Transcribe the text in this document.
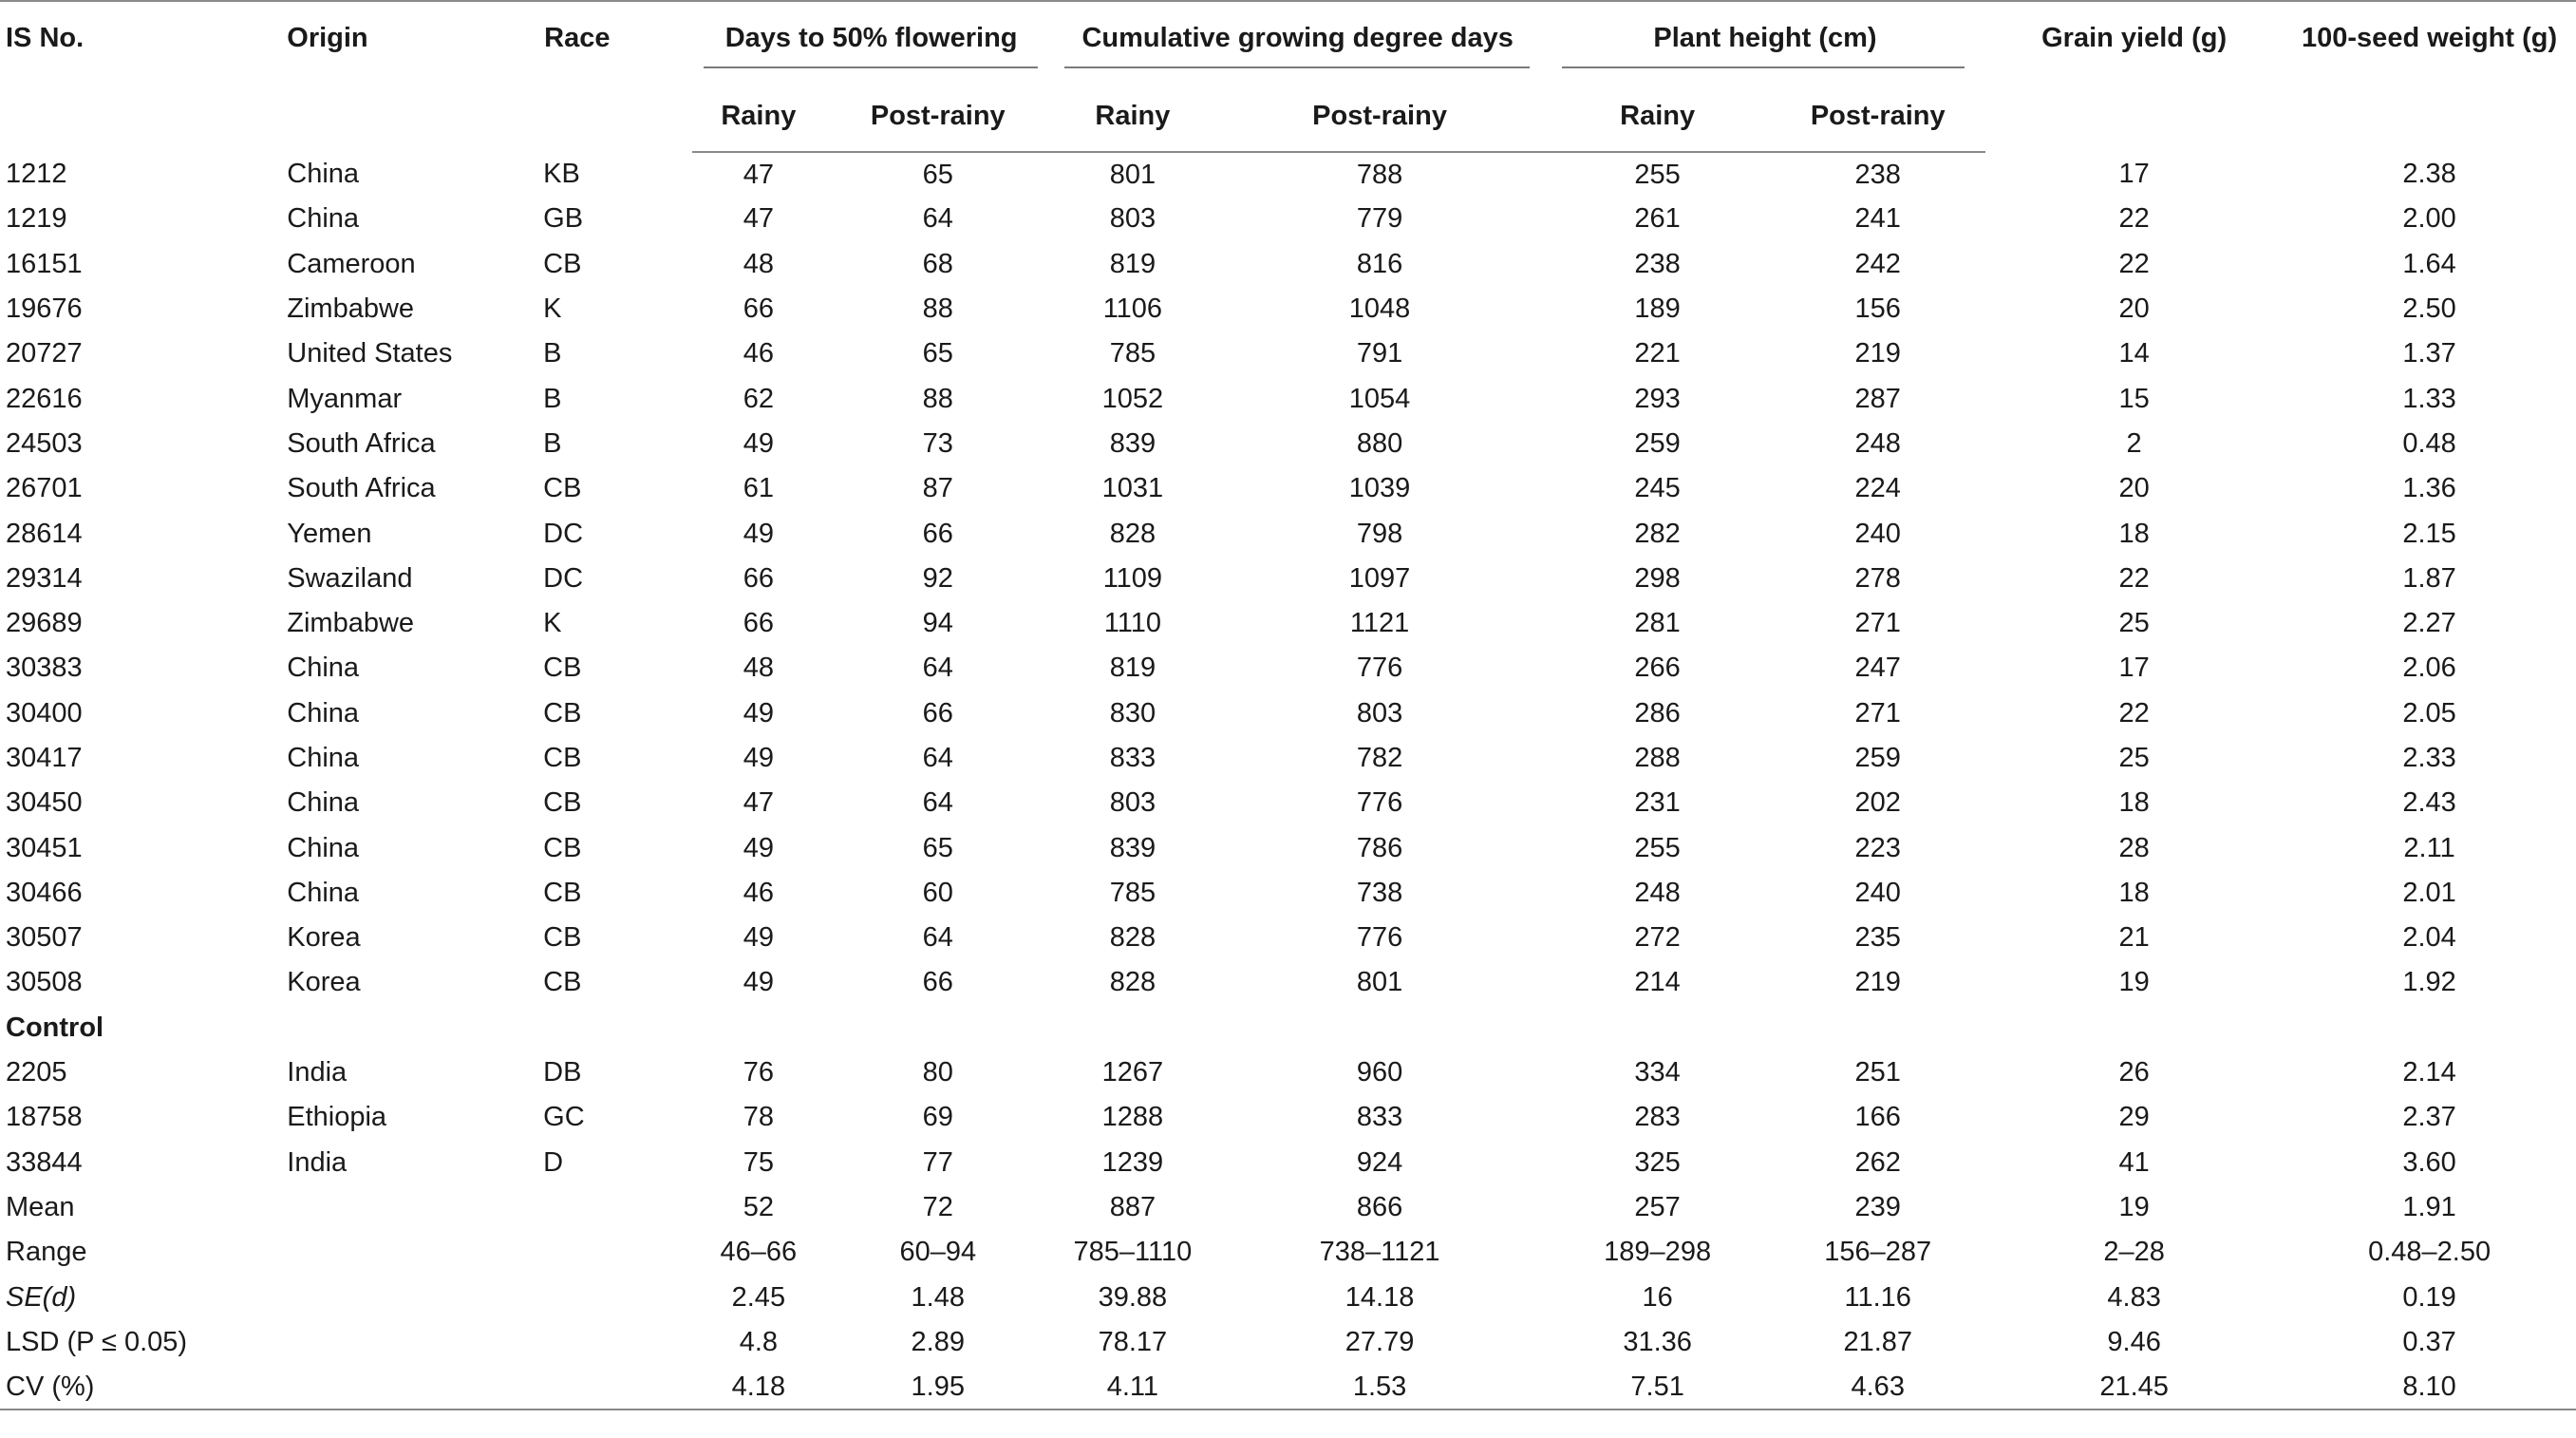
IS No.	Origin	Race	Days to 50% flowering		Cumulative growing degree days		Plant height (cm)		Grain yield (g)	100-seed weight (g)
			Rainy	Post-rainy	Rainy	Post-rainy	Rainy	Post-rainy		
1212	China	KB	47	65	801	788	255	238	17	2.38
1219	China	GB	47	64	803	779	261	241	22	2.00
16151	Cameroon	CB	48	68	819	816	238	242	22	1.64
19676	Zimbabwe	K	66	88	1106	1048	189	156	20	2.50
20727	United States	B	46	65	785	791	221	219	14	1.37
22616	Myanmar	B	62	88	1052	1054	293	287	15	1.33
24503	South Africa	B	49	73	839	880	259	248	2	0.48
26701	South Africa	CB	61	87	1031	1039	245	224	20	1.36
28614	Yemen	DC	49	66	828	798	282	240	18	2.15
29314	Swaziland	DC	66	92	1109	1097	298	278	22	1.87
29689	Zimbabwe	K	66	94	1110	1121	281	271	25	2.27
30383	China	CB	48	64	819	776	266	247	17	2.06
30400	China	CB	49	66	830	803	286	271	22	2.05
30417	China	CB	49	64	833	782	288	259	25	2.33
30450	China	CB	47	64	803	776	231	202	18	2.43
30451	China	CB	49	65	839	786	255	223	28	2.11
30466	China	CB	46	60	785	738	248	240	18	2.01
30507	Korea	CB	49	64	828	776	272	235	21	2.04
30508	Korea	CB	49	66	828	801	214	219	19	1.92
Control										
2205	India	DB	76	80	1267	960	334	251	26	2.14
18758	Ethiopia	GC	78	69	1288	833	283	166	29	2.37
33844	India	D	75	77	1239	924	325	262	41	3.60
Mean			52	72	887	866	257	239	19	1.91
Range			46–66	60–94	785–1110	738–1121	189–298	156–287	2–28	0.48–2.50
SE(d)			2.45	1.48	39.88	14.18	16	11.16	4.83	0.19
LSD (P ≤ 0.05)			4.8	2.89	78.17	27.79	31.36	21.87	9.46	0.37
CV (%)			4.18	1.95	4.11	1.53	7.51	4.63	21.45	8.10
